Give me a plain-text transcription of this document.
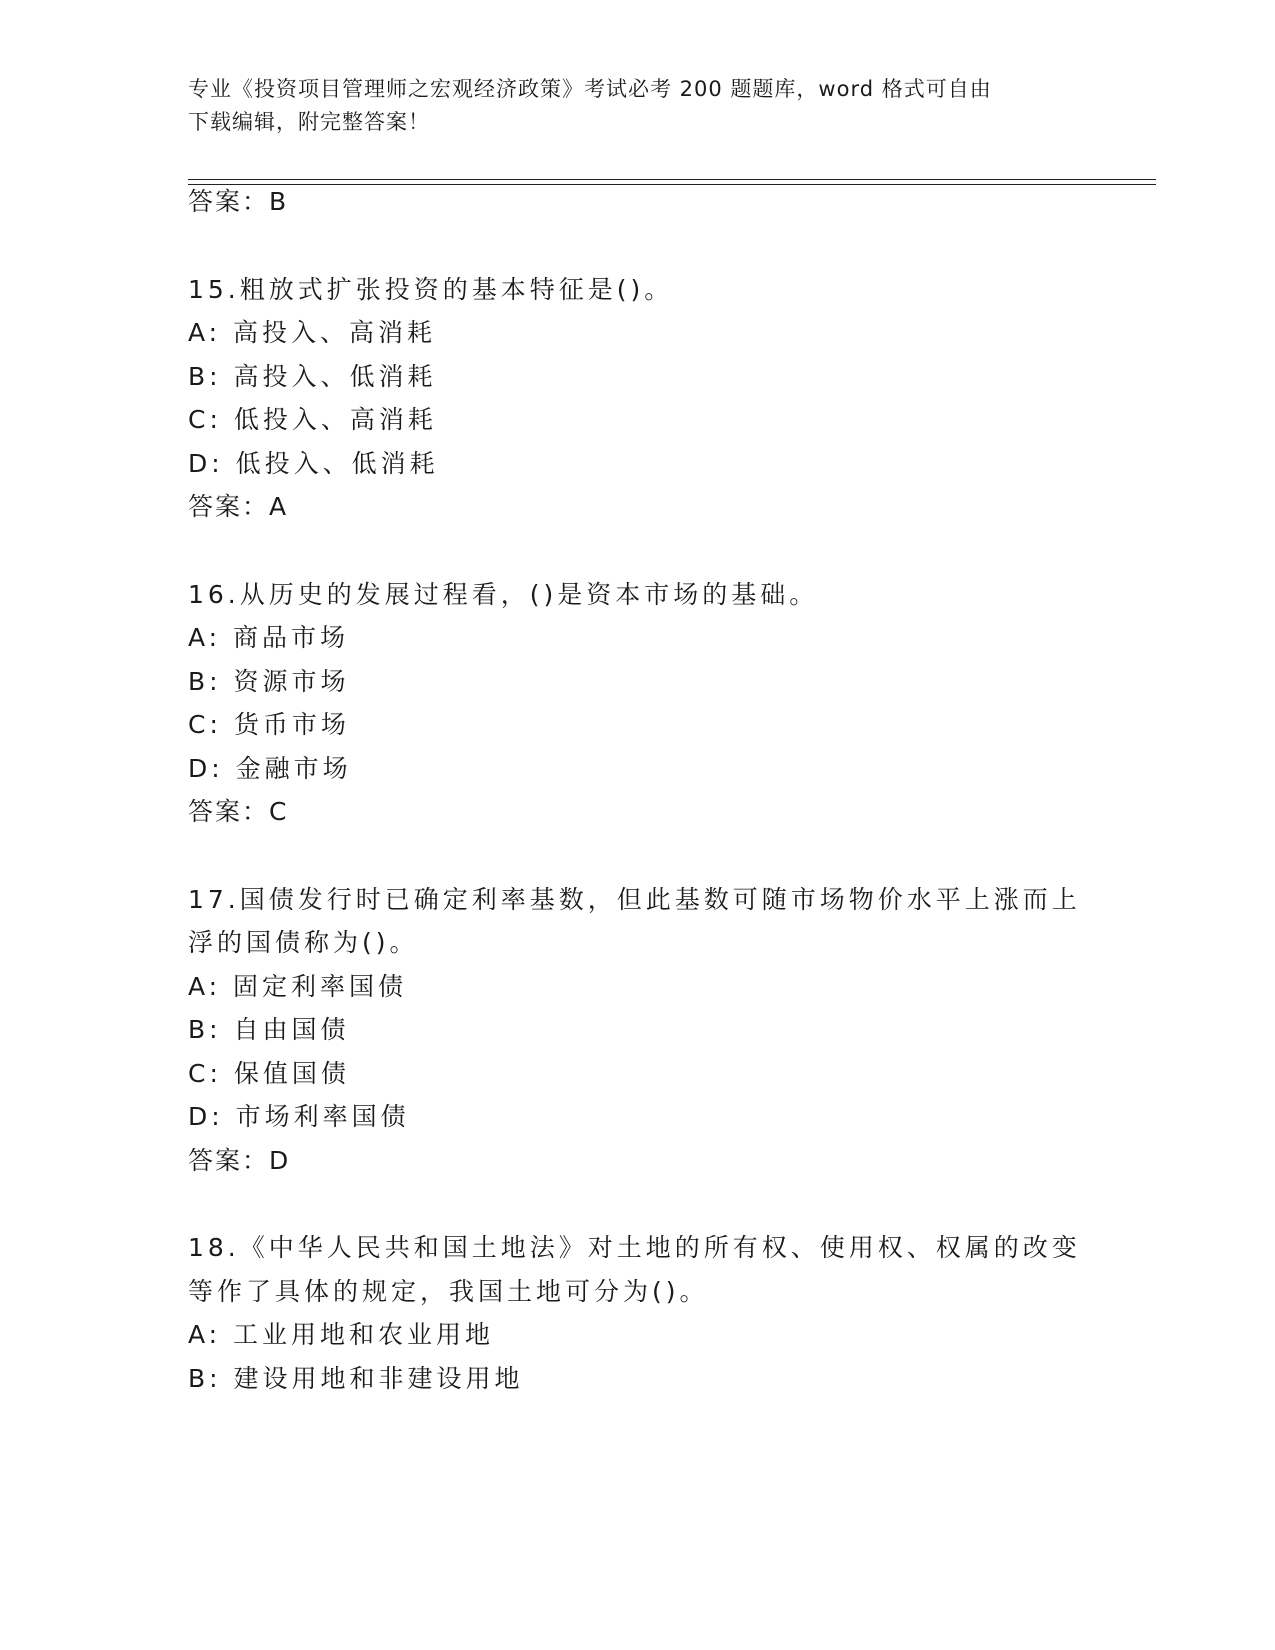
专业《投资项目管理师之宏观经济政策》考试必考 200 题题库，word 格式可自由
下载编辑，附完整答案！
答案：B
15.粗放式扩张投资的基本特征是()。
A: 高投入、高消耗
B: 高投入、低消耗
C: 低投入、高消耗
D: 低投入、低消耗
答案：A
16.从历史的发展过程看，()是资本市场的基础。
A: 商品市场
B: 资源市场
C: 货币市场
D: 金融市场
答案：C
17.国债发行时已确定利率基数，但此基数可随市场物价水平上涨而上
浮的国债称为()。
A: 固定利率国债
B: 自由国债
C: 保值国债
D: 市场利率国债
答案：D
18.《中华人民共和国土地法》对土地的所有权、使用权、权属的改变
等作了具体的规定，我国土地可分为()。
A: 工业用地和农业用地
B: 建设用地和非建设用地
